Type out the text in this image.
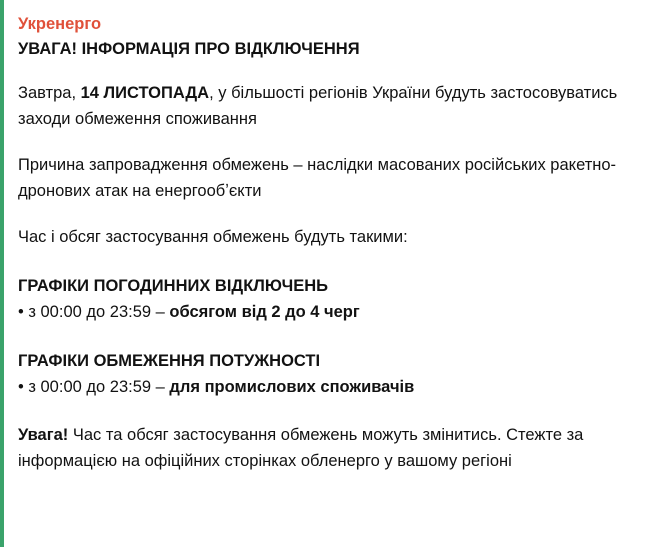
Укренерго
УВАГА! ІНФОРМАЦІЯ ПРО ВІДКЛЮЧЕННЯ

Завтра, 14 ЛИСТОПАДА, у більшості регіонів України будуть застосовуватись заходи обмеження споживання

Причина запровадження обмежень – наслідки масованих російських ракетно-дронових атак на енергообʼєкти

Час і обсяг застосування обмежень будуть такими:

ГРАФІКИ ПОГОДИННИХ ВІДКЛЮЧЕНЬ
• з 00:00 до 23:59 – обсягом від 2 до 4 черг
ГРАФІКИ ОБМЕЖЕННЯ ПОТУЖНОСТІ
• з 00:00 до 23:59 – для промислових споживачів

Увага! Час та обсяг застосування обмежень можуть змінитись. Стежте за інформацією на офіційних сторінках обленерго у вашому регіоні
